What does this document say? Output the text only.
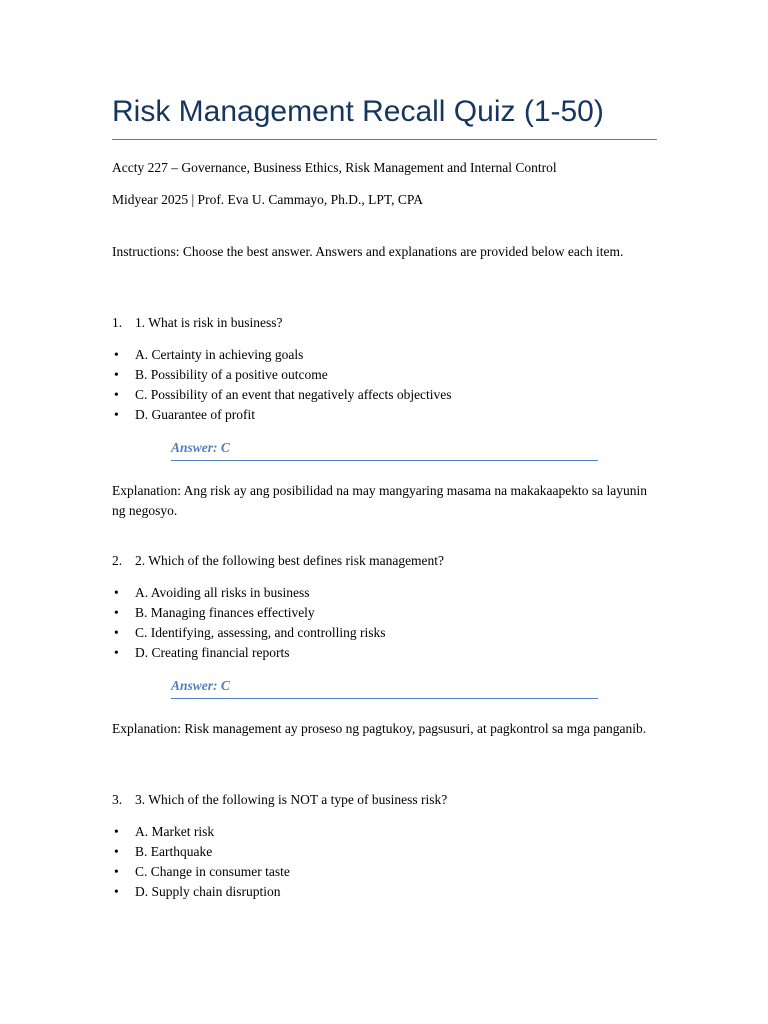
Risk Management Recall Quiz (1-50)

Accty 227 – Governance, Business Ethics, Risk Management and Internal Control

Midyear 2025 | Prof. Eva U. Cammayo, Ph.D., LPT, CPA

Instructions: Choose the best answer. Answers and explanations are provided below each item.

1. 1. What is risk in business?

• A. Certainty in achieving goals
• B. Possibility of a positive outcome
• C. Possibility of an event that negatively affects objectives
• D. Guarantee of profit
Answer: C

Explanation: Ang risk ay ang posibilidad na may mangyaring masama na makakaapekto sa layunin ng negosyo.

2. 2. Which of the following best defines risk management?

• A. Avoiding all risks in business
• B. Managing finances effectively
• C. Identifying, assessing, and controlling risks
• D. Creating financial reports
Answer: C

Explanation: Risk management ay proseso ng pagtukoy, pagsusuri, at pagkontrol sa mga panganib.

3. 3. Which of the following is NOT a type of business risk?

• A. Market risk
• B. Earthquake
• C. Change in consumer taste
• D. Supply chain disruption
